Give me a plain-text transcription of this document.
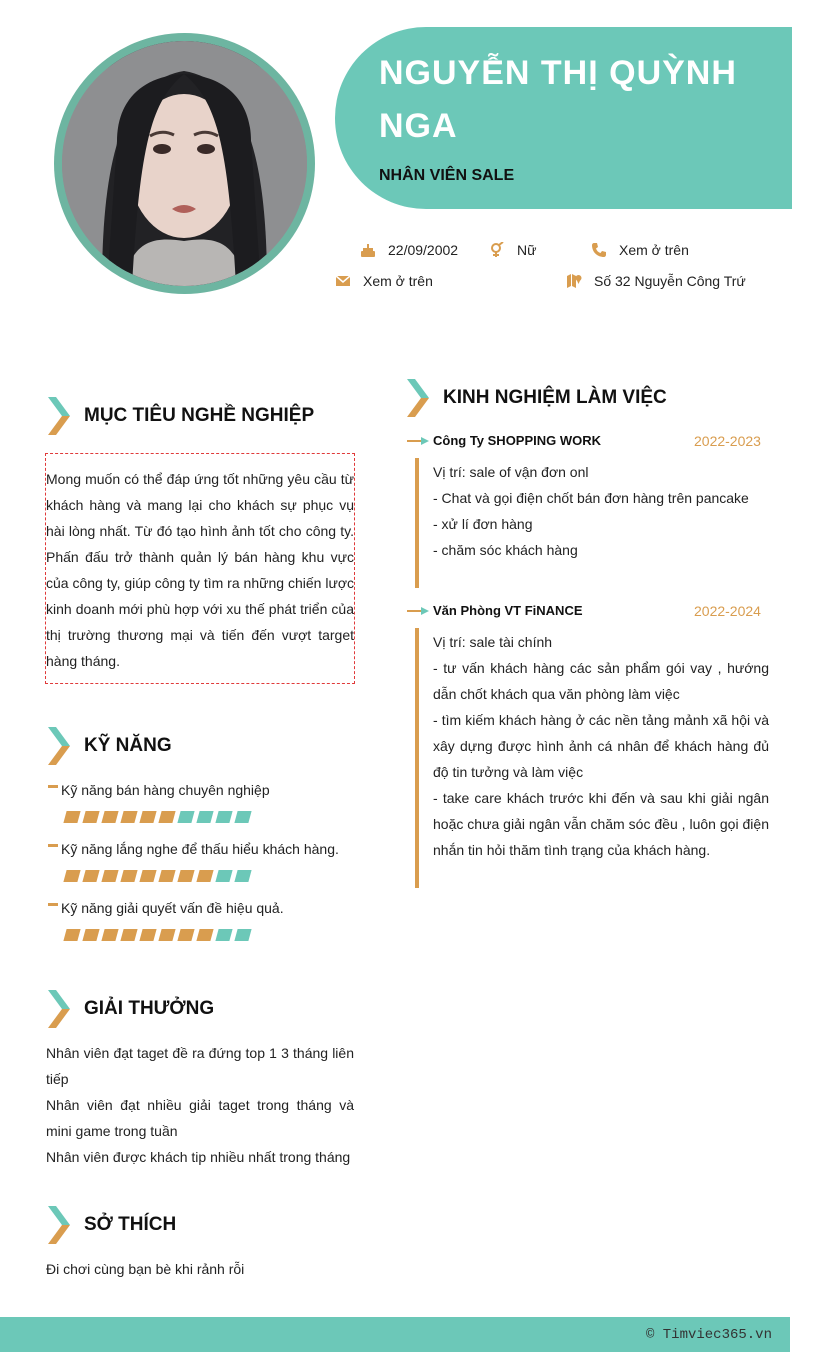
NGUYỄN THỊ QUỲNH NGA
NHÂN VIÊN SALE
22/09/2002	Nữ	Xem ở trên
Xem ở trên	Số 32 Nguyễn Công Trứ
MỤC TIÊU NGHỀ NGHIỆP
Mong muốn có thể đáp ứng tốt những yêu cầu từ khách hàng và mang lại cho khách sự phục vụ hài lòng nhất. Từ đó tạo hình ảnh tốt cho công ty. Phấn đấu trở thành quản lý bán hàng khu vực của công ty, giúp công ty tìm ra những chiến lược kinh doanh mới phù hợp với xu thế phát triển của thị trường thương mại và tiến đến vượt target hàng tháng.
KỸ NĂNG
Kỹ năng bán hàng chuyên nghiệp
Kỹ năng lắng nghe để thấu hiểu khách hàng.
Kỹ năng giải quyết vấn đề hiệu quả.
GIẢI THƯỞNG
Nhân viên đạt taget đề ra đứng top 1 3 tháng liên tiếp
Nhân viên đạt nhiều giải taget trong tháng và mini game trong tuần
Nhân viên được khách tip nhiều nhất trong tháng
SỞ THÍCH
Đi chơi cùng bạn bè khi rảnh rỗi
KINH NGHIỆM LÀM VIỆC
Công Ty SHOPPING WORK	2022-2023
Vị trí: sale of vận đơn onl
- Chat và gọi điện chốt bán đơn hàng trên pancake
- xử lí đơn hàng
- chăm sóc khách hàng
Văn Phòng VT FiNANCE	2022-2024
Vị trí: sale tài chính
- tư vấn khách hàng các sản phẩm gói vay , hướng dẫn chốt khách qua văn phòng làm việc
- tìm kiếm khách hàng ở các nền tảng mảnh xã hội và xây dựng được hình ảnh cá nhân để khách hàng đủ độ tin tưởng và làm việc
- take care khách trước khi đến và sau khi giải ngân hoặc chưa giải ngân vẫn chăm sóc đều , luôn gọi điện nhắn tin hỏi thăm tình trạng của khách hàng.
© Timviec365.vn
